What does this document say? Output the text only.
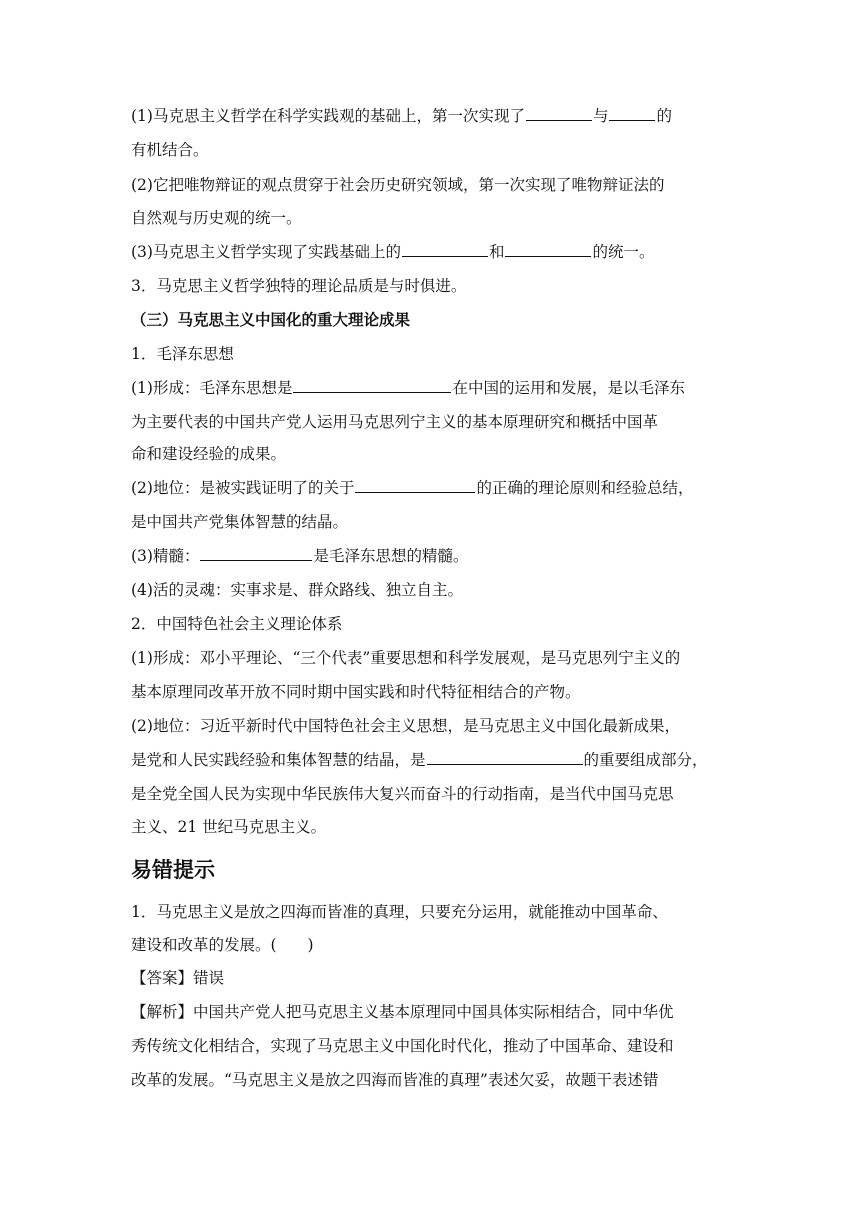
(1)马克思主义哲学在科学实践观的基础上，第一次实现了	与	的
有机结合。
(2)它把唯物辩证的观点贯穿于社会历史研究领域，第一次实现了唯物辩证法的
自然观与历史观的统一。
(3)马克思主义哲学实现了实践基础上的	和	的统一。
3．马克思主义哲学独特的理论品质是与时俱进。
（三）马克思主义中国化的重大理论成果
1．毛泽东思想
(1)形成：毛泽东思想是	在中国的运用和发展，是以毛泽东
为主要代表的中国共产党人运用马克思列宁主义的基本原理研究和概括中国革
命和建设经验的成果。
(2)地位：是被实践证明了的关于	的正确的理论原则和经验总结，
是中国共产党集体智慧的结晶。
(3)精髓：	是毛泽东思想的精髓。
(4)活的灵魂：实事求是、群众路线、独立自主。
2．中国特色社会主义理论体系
(1)形成：邓小平理论、“三个代表”重要思想和科学发展观，是马克思列宁主义的
基本原理同改革开放不同时期中国实践和时代特征相结合的产物。
(2)地位：习近平新时代中国特色社会主义思想，是马克思主义中国化最新成果，
是党和人民实践经验和集体智慧的结晶，是	的重要组成部分，
是全党全国人民为实现中华民族伟大复兴而奋斗的行动指南，是当代中国马克思
主义、21 世纪马克思主义。
易错提示
1．马克思主义是放之四海而皆准的真理，只要充分运用，就能推动中国革命、
建设和改革的发展。(　　)
【答案】错误
【解析】中国共产党人把马克思主义基本原理同中国具体实际相结合，同中华优
秀传统文化相结合，实现了马克思主义中国化时代化，推动了中国革命、建设和
改革的发展。“马克思主义是放之四海而皆准的真理”表述欠妥，故题干表述错
